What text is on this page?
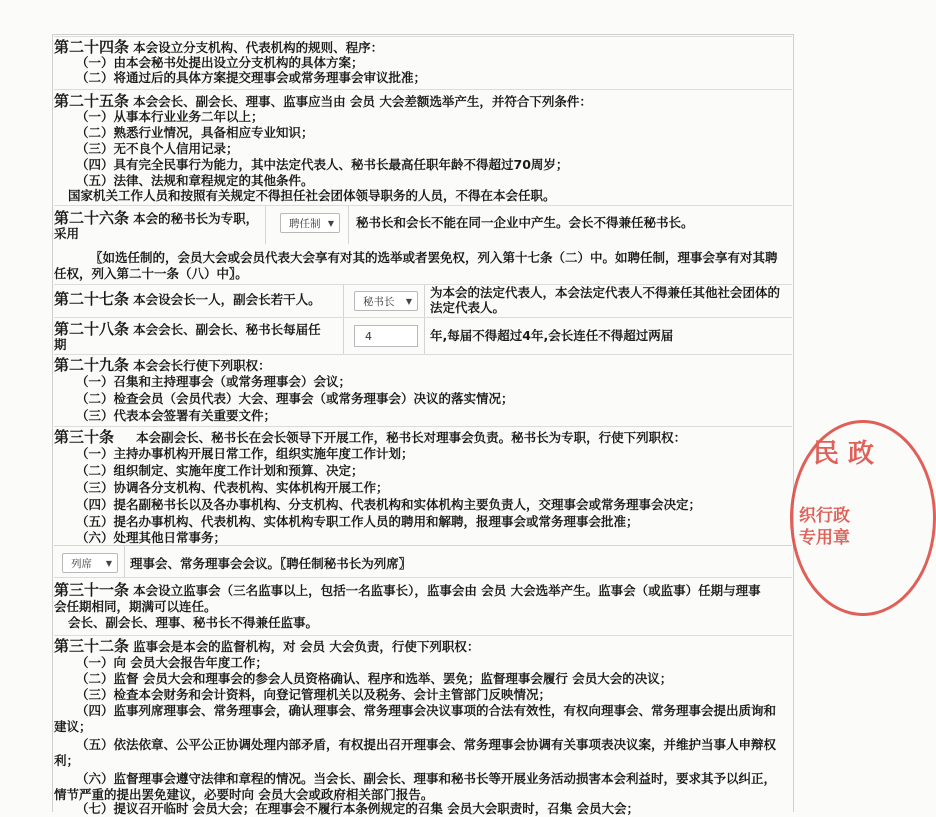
第二十四条 本会设立分支机构、代表机构的规则、程序：
（一）由本会秘书处提出设立分支机构的具体方案；
（二）将通过后的具体方案提交理事会或常务理事会审议批准；
第二十五条 本会会长、副会长、理事、监事应当由 会员 大会差额选举产生，并符合下列条件：
（一）从事本行业业务二年以上；
（二）熟悉行业情况，具备相应专业知识；
（三）无不良个人信用记录；
（四）具有完全民事行为能力，其中法定代表人、秘书长最高任职年龄不得超过70周岁；
（五）法律、法规和章程规定的其他条件。
国家机关工作人员和按照有关规定不得担任社会团体领导职务的人员，不得在本会任职。
第二十六条 本会的秘书长为专职，
采用
聘任制 ▼ 秘书长和会长不能在同一企业中产生。会长不得兼任秘书长。
〖如选任制的，会员大会或会员代表大会享有对其的选举或者罢免权，列入第十七条（二）中。如聘任制，理事会享有对其聘
任权，列入第二十一条（八）中〗。
第二十七条 本会设会长一人，副会长若干人。	秘书长 ▼
为本会的法定代表人，本会法定代表人不得兼任其他社会团体的
法定代表人。
第二十八条 本会会长、副会长、秘书长每届任
期
4	年,每届不得超过4年,会长连任不得超过两届
第二十九条 本会会长行使下列职权：
（一）召集和主持理事会（或常务理事会）会议；
（二）检查会员（会员代表）大会、理事会（或常务理事会）决议的落实情况；
（三）代表本会签署有关重要文件；
第三十条 本会副会长、秘书长在会长领导下开展工作，秘书长对理事会负责。秘书长为专职，行使下列职权：
（一）主持办事机构开展日常工作，组织实施年度工作计划；
（二）组织制定、实施年度工作计划和预算、决定；
（三）协调各分支机构、代表机构、实体机构开展工作；
（四）提名副秘书长以及各办事机构、分支机构、代表机构和实体机构主要负责人，交理事会或常务理事会决定；
（五）提名办事机构、代表机构、实体机构专职工作人员的聘用和解聘，报理事会或常务理事会批准；
（六）处理其他日常事务；
列席 ▼ 理事会、常务理事会会议。〖聘任制秘书长为列席〗
第三十一条 本会设立监事会（三名监事以上，包括一名监事长），监事会由 会员 大会选举产生。监事会（或监事）任期与理事
会任期相同，期满可以连任。
会长、副会长、理事、秘书长不得兼任监事。
第三十二条 监事会是本会的监督机构，对 会员 大会负责，行使下列职权：
（一）向 会员大会报告年度工作；
（二）监督 会员大会和理事会的参会人员资格确认、程序和选举、罢免；监督理事会履行 会员大会的决议；
（三）检查本会财务和会计资料，向登记管理机关以及税务、会计主管部门反映情况；
（四）监事列席理事会、常务理事会，确认理事会、常务理事会决议事项的合法有效性，有权向理事会、常务理事会提出质询和
建议；
（五）依法依章、公平公正协调处理内部矛盾，有权提出召开理事会、常务理事会协调有关事项表决议案，并维护当事人申辩权
利；
（六）监督理事会遵守法律和章程的情况。当会长、副会长、理事和秘书长等开展业务活动损害本会利益时，要求其予以纠正，
情节严重的提出罢免建议，必要时向 会员大会或政府相关部门报告。
（七）提议召开临时 会员大会；在理事会不履行本条例规定的召集 会员大会职责时，召集 会员大会；
民 政
织行政
专用章
